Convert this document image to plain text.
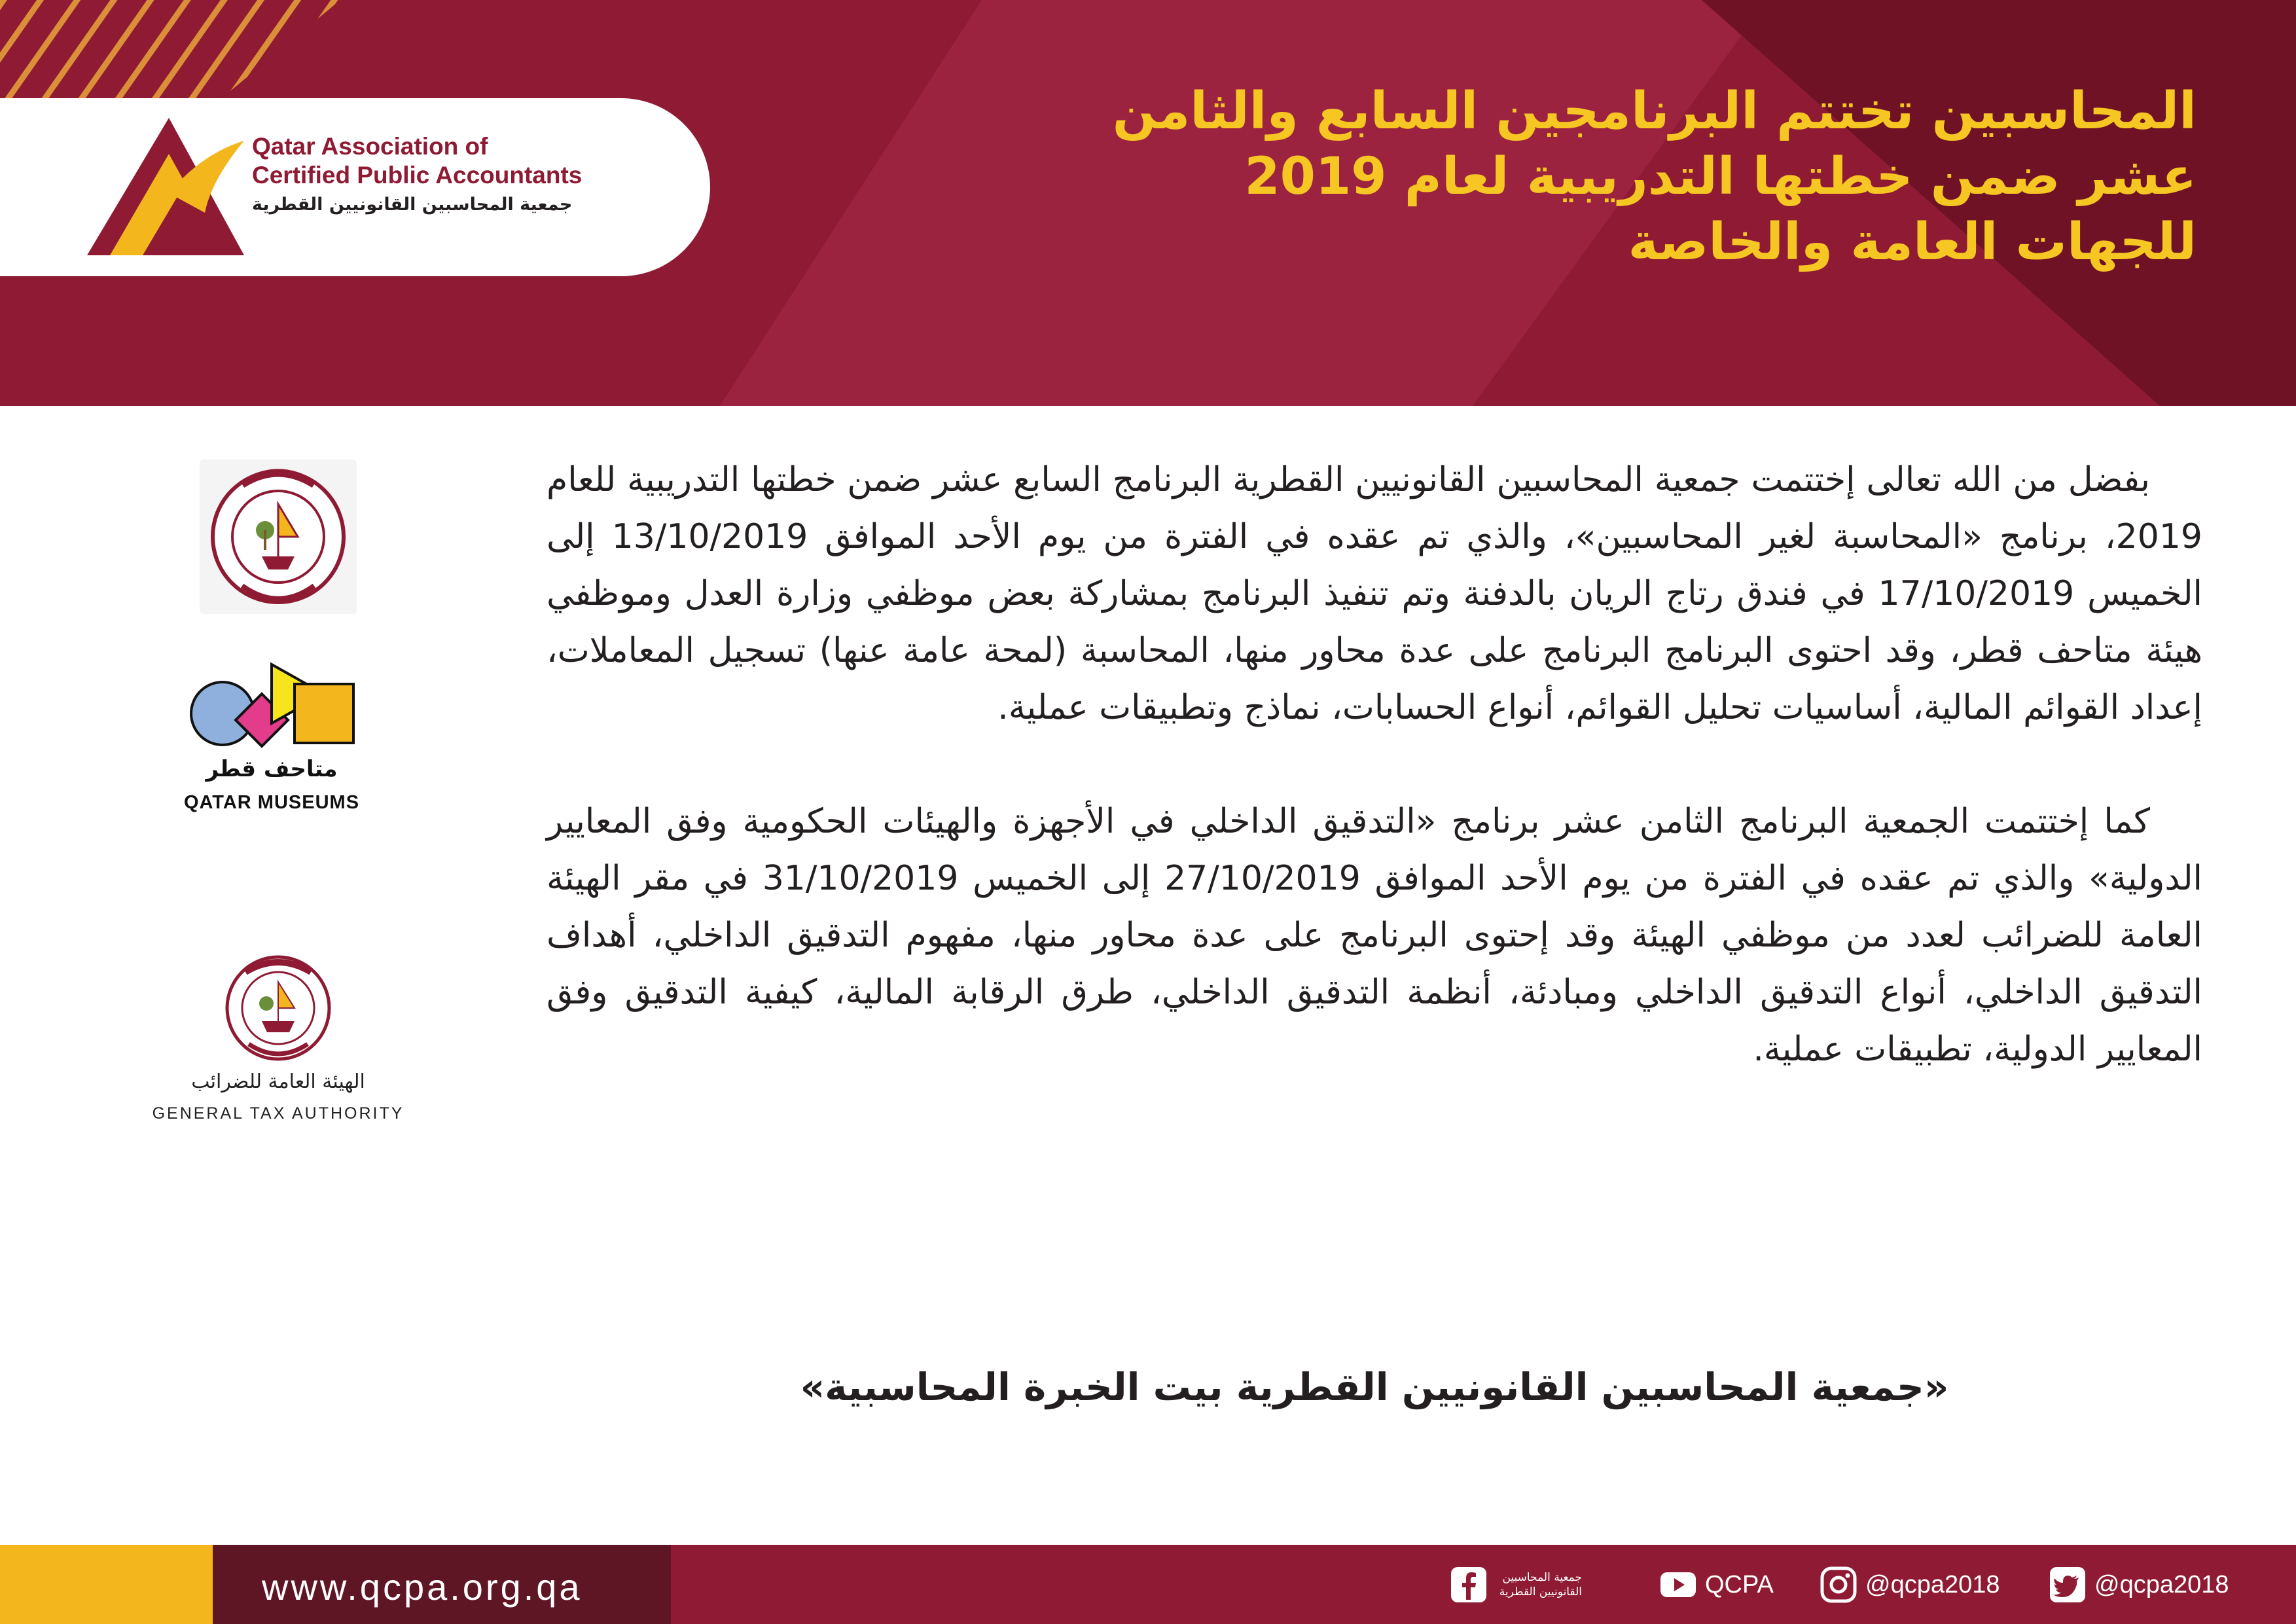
Qatar Association of
Certified Public Accountants
جمعية المحاسبين القانونيين القطرية
المحاسبين تختتم البرنامجين السابع والثامن
عشر ضمن خطتها التدريبية لعام 2019
للجهات العامة والخاصة
متاحف قطر
QATAR MUSEUMS
الهيئة العامة للضرائب
GENERAL TAX AUTHORITY

بفضل من الله تعالى إختتمت جمعية المحاسبين القانونيين القطرية البرنامج السابع عشر ضمن خطتها التدريبية للعام 2019، برنامج «المحاسبة لغير المحاسبين»، والذي تم عقده في الفترة من يوم الأحد الموافق 13/10/2019 إلى الخميس 17/10/2019 في فندق رتاج الريان بالدفنة وتم تنفيذ البرنامج بمشاركة بعض موظفي وزارة العدل وموظفي هيئة متاحف قطر، وقد احتوى البرنامج البرنامج على عدة محاور منها، المحاسبة (لمحة عامة عنها) تسجيل المعاملات، إعداد القوائم المالية، أساسيات تحليل القوائم، أنواع الحسابات، نماذج وتطبيقات عملية.

كما إختتمت الجمعية البرنامج الثامن عشر برنامج «التدقيق الداخلي في الأجهزة والهيئات الحكومية وفق المعايير الدولية» والذي تم عقده في الفترة من يوم الأحد الموافق 27/10/2019 إلى الخميس 31/10/2019 في مقر الهيئة العامة للضرائب لعدد من موظفي الهيئة وقد إحتوى البرنامج على عدة محاور منها، مفهوم التدقيق الداخلي، أهداف التدقيق الداخلي، أنواع التدقيق الداخلي ومبادئة، أنظمة التدقيق الداخلي، طرق الرقابة المالية، كيفية التدقيق وفق المعايير الدولية، تطبيقات عملية.

«جمعية المحاسبين القانونيين القطرية بيت الخبرة المحاسبية»
www.qcpa.org.qa	جمعية المحاسبين القانونيين القطرية	QCPA	@qcpa2018	@qcpa2018
